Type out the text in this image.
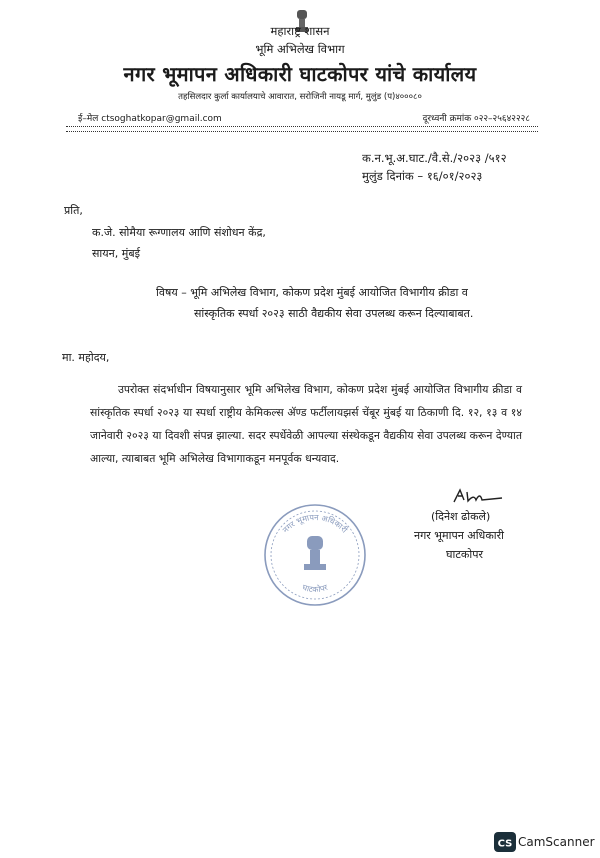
महाराष्ट्र शासन
भूमि अभिलेख विभाग
नगर भूमापन अधिकारी घाटकोपर यांचे कार्यालय
तहसिलदार कुर्ला कार्यालयाचे आवारात, सरोजिनी नायडू मार्ग, मुलुंड (प)४०००८०
ई–मेल ctsoghatkopar@gmail.com	दूरध्वनी क्रमांक ०२२–२५६४२२२८
क.न.भू.अ.घाट./वै.से./२०२३ /५१२
मुलुंड दिनांक – १६/०१/२०२३
प्रति,
क.जे. सोमैया रूग्णालय आणि संशोधन केंद्र,
सायन, मुंबई
विषय – भूमि अभिलेख विभाग, कोकण प्रदेश मुंबई आयोजित विभागीय क्रीडा व
सांस्कृतिक स्पर्धा २०२३ साठी वैद्यकीय सेवा उपलब्ध करून दिल्याबाबत.
मा. महोदय,
उपरोक्त संदर्भाधीन विषयानुसार भूमि अभिलेख विभाग, कोकण प्रदेश मुंबई आयोजित विभागीय क्रीडा व सांस्कृतिक स्पर्धा २०२३ या स्पर्धा राष्ट्रीय केमिकल्स ॲण्ड फर्टीलायझर्स चेंबूर मुंबई या ठिकाणी दि. १२, १३ व १४ जानेवारी २०२३ या दिवशी संपन्न झाल्या. सदर स्पर्धेवेळी आपल्या संस्थेकडून वैद्यकीय सेवा उपलब्ध करून देण्यात आल्या, त्याबाबत भूमि अभिलेख विभागाकडून मनपूर्वक धन्यवाद.
(दिनेश ढोकले)
नगर भूमापन अधिकारी
घाटकोपर
नगर भूमापन अधिकारी
घाटकोपर
CS CamScanner
